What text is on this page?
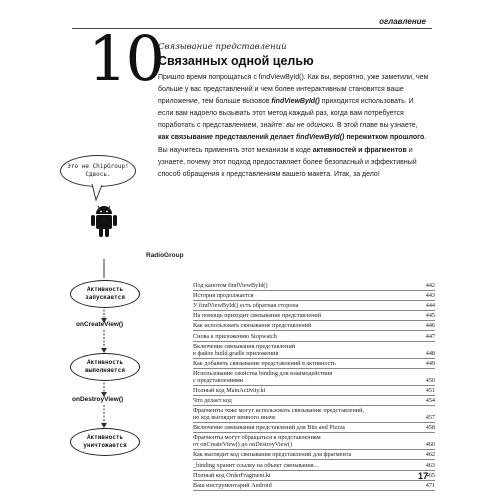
оглавление
10
Связывание представлений
Связанных одной целью
Пришло время попрощаться с findViewById(). Как вы, вероятно, уже заметили, чем больше у вас представлений и чем более интерактивным становится ваше приложение, тем больше вызовов findViewById() приходится использовать. И если вам надоело вызывать этот метод каждый раз, когда вам потребуется поработать с представлением, знайте: вы не одиноки. В этой главе вы узнаете, как связывание представлений делает findViewById() пережитком прошлого. Вы научитесь применять этот механизм в коде активностей и фрагментов и узнаете, почему этот подход предоставляет более безопасный и эффективный способ обращения к представлениям вашего макета. Итак, за дело!
Это не ChipGroup! Сдвось.
RadioGroup
Активность запускается
onCreateView()
Активность выполняется
onDestroyView()
Активность уничтожается
Под капотом findViewById()	442
История продолжается	443
У findViewById() есть обратная сторона	444
На помощь приходит связывание представлений	445
Как использовать связывание представлений	446
Снова к приложению Stopwatch	447
Включение связывания представлений
в файле build.gradle приложения	448
Как добавить связывание представлений в активность	449
Использование свойства binding для взаимодействия
с представлениями	450
Полный код MainActivity.kt	451
Что делает код	454
Фрагменты тоже могут использовать связывание представлений,
но код выглядит немного иначе	457
Включение связывания представлений для Bits and Pizzas	458
Фрагменты могут обращаться к представлениям
от onCreateView() до onDestroyView()	460
Как выглядит код связывания представлений для фрагмента	462
_binding хранит ссылку на объект связывания...	463
Полный код OrderFragment.kt	465
Ваш инструментарий Android	471
17
